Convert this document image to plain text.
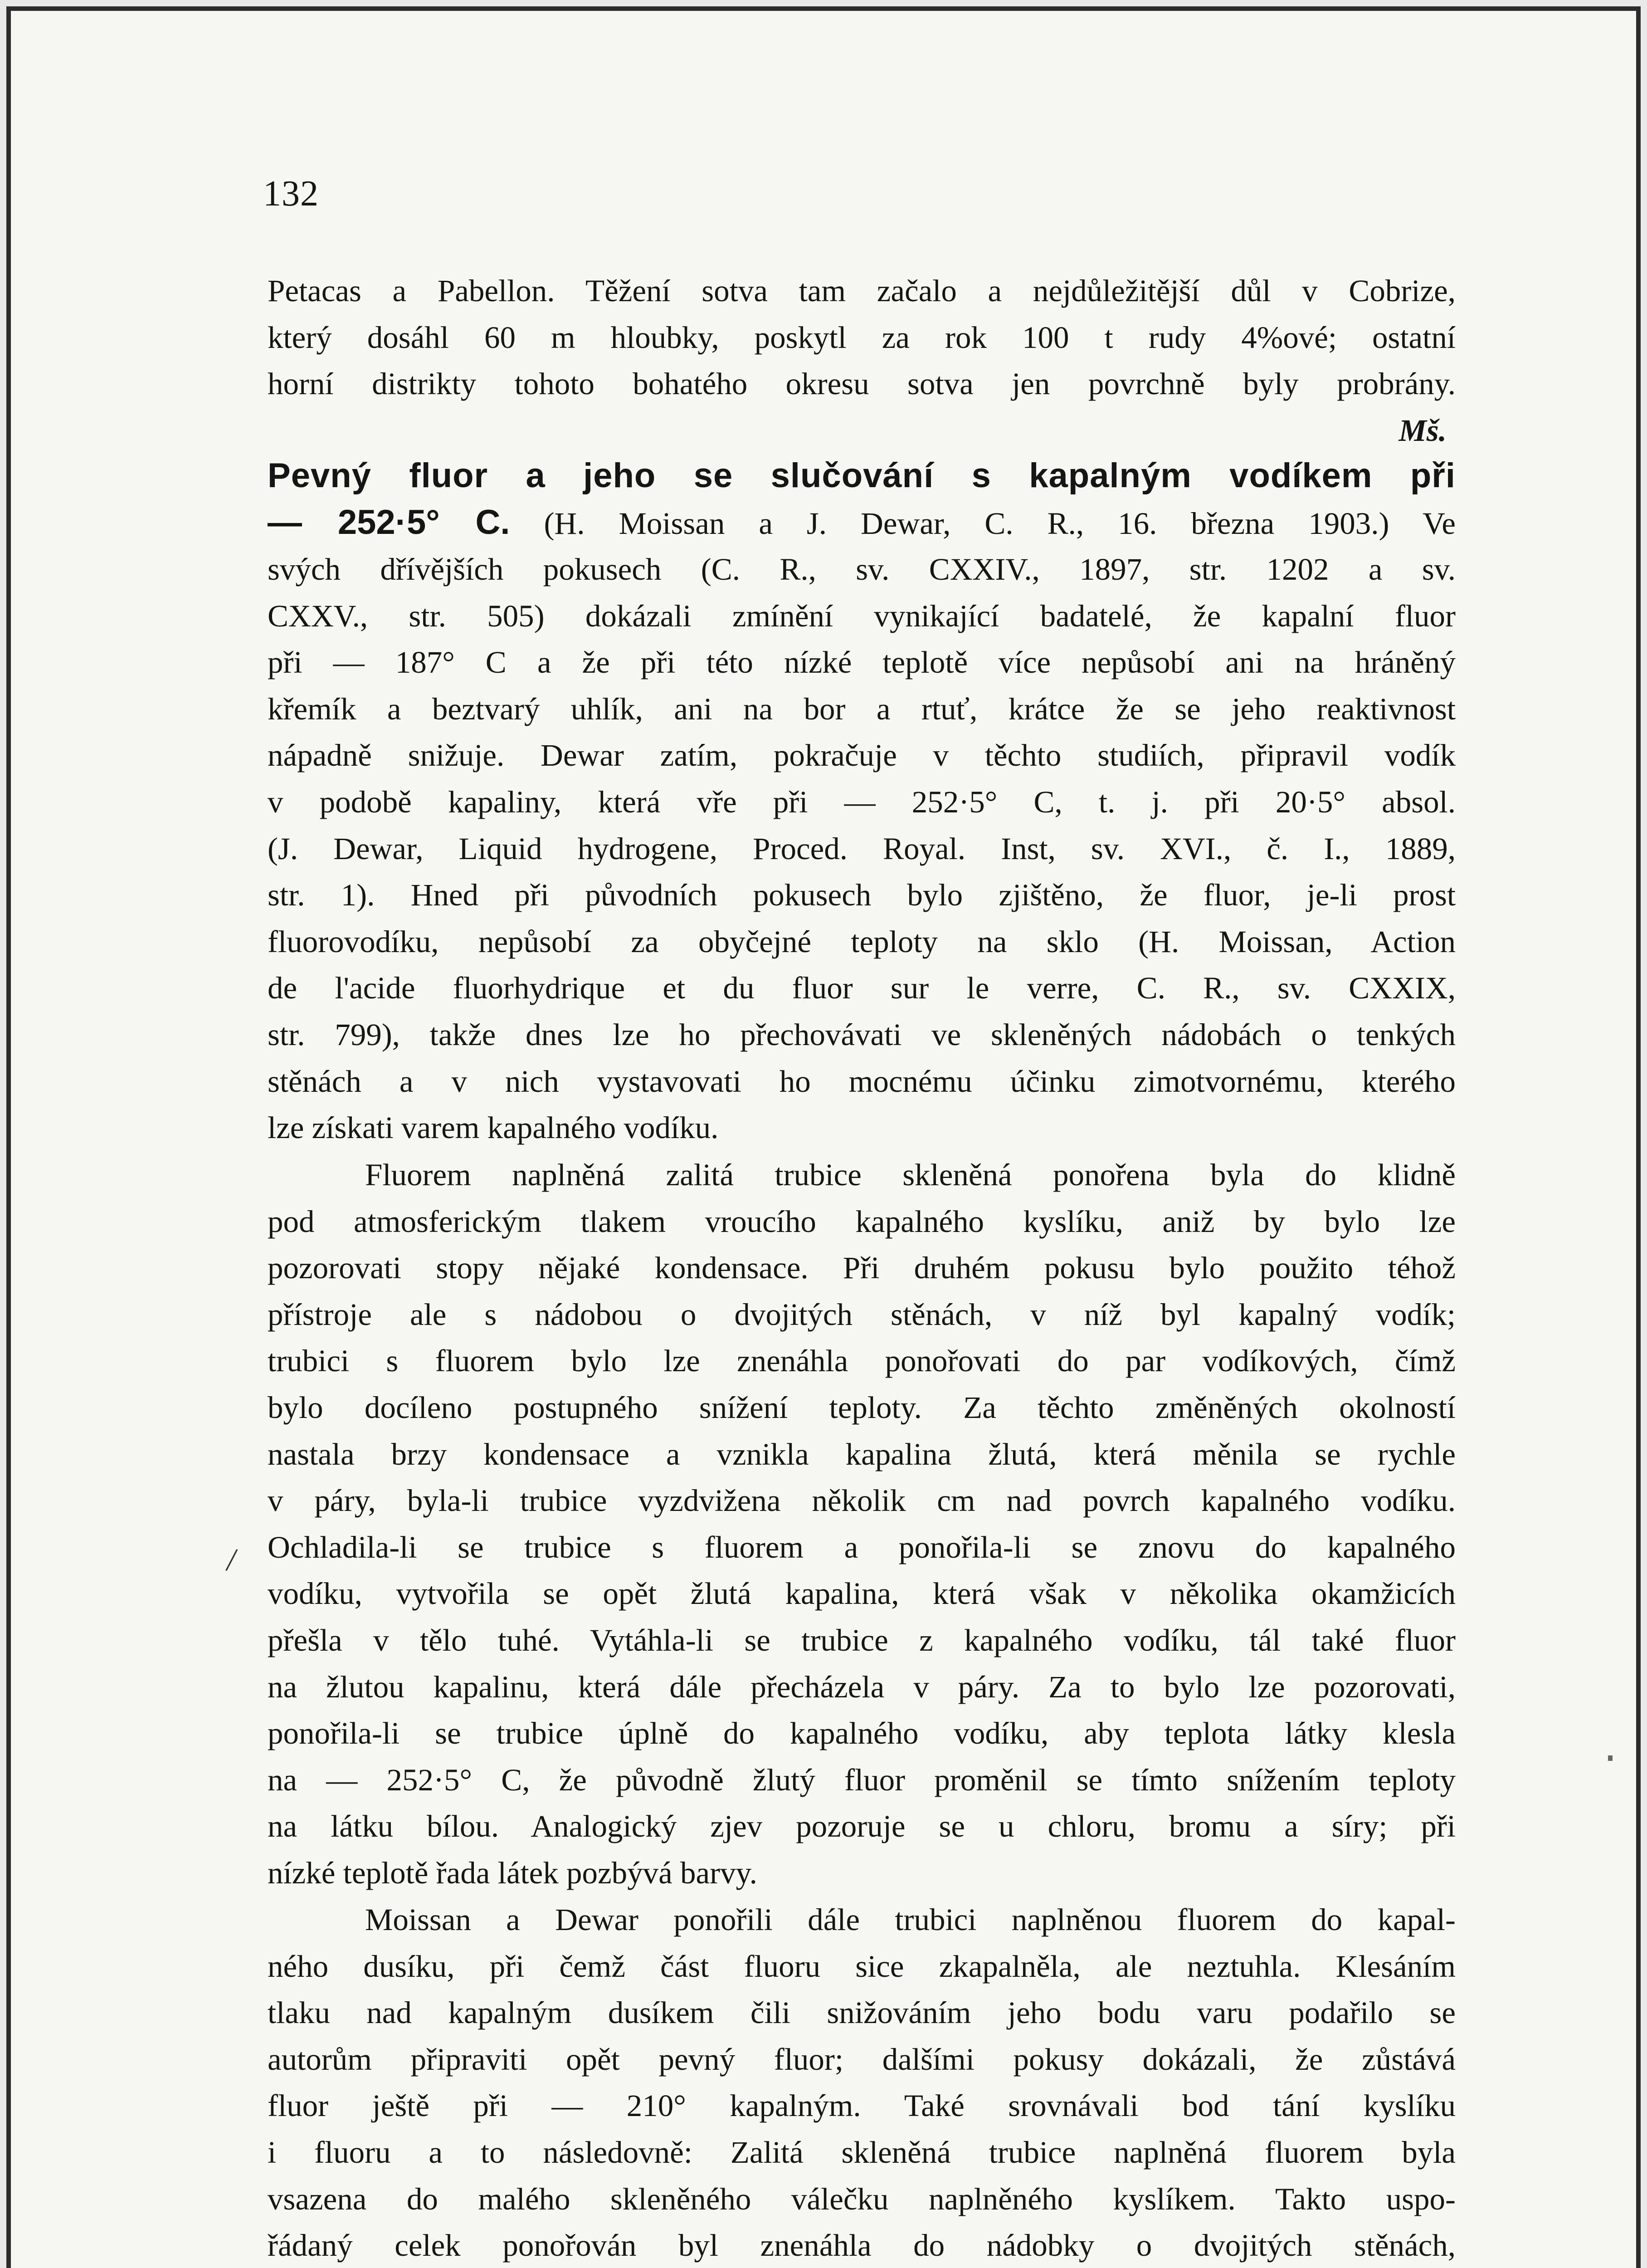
132
Petacas a Pabellon. Těžení sotva tam začalo a nejdůležitější důl v Cobrize,
který dosáhl 60 m hloubky, poskytl za rok 100 t rudy 4%ové; ostatní
horní distrikty tohoto bohatého okresu sotva jen povrchně byly probrány.
Mš.
Pevný fluor a jeho se slučování s kapalným vodíkem při
— 252·5° C. (H. Moissan a J. Dewar, C. R., 16. března 1903.) Ve
svých dřívějších pokusech (C. R., sv. CXXIV., 1897, str. 1202 a sv.
CXXV., str. 505) dokázali zmínění vynikající badatelé, že kapalní fluor
při — 187° C a že při této nízké teplotě více nepůsobí ani na hráněný
křemík a beztvarý uhlík, ani na bor a rtuť, krátce že se jeho reaktivnost
nápadně snižuje. Dewar zatím, pokračuje v těchto studiích, připravil vodík
v podobě kapaliny, která vře při — 252·5° C, t. j. při 20·5° absol.
(J. Dewar, Liquid hydrogene, Proced. Royal. Inst, sv. XVI., č. I., 1889,
str. 1). Hned při původních pokusech bylo zjištěno, že fluor, je-li prost
fluorovodíku, nepůsobí za obyčejné teploty na sklo (H. Moissan, Action
de l'acide fluorhydrique et du fluor sur le verre, C. R., sv. CXXIX,
str. 799), takže dnes lze ho přechovávati ve skleněných nádobách o tenkých
stěnách a v nich vystavovati ho mocnému účinku zimotvornému, kterého
lze získati varem kapalného vodíku.
Fluorem naplněná zalitá trubice skleněná ponořena byla do klidně
pod atmosferickým tlakem vroucího kapalného kyslíku, aniž by bylo lze
pozorovati stopy nějaké kondensace. Při druhém pokusu bylo použito téhož
přístroje ale s nádobou o dvojitých stěnách, v níž byl kapalný vodík;
trubici s fluorem bylo lze znenáhla ponořovati do par vodíkových, čímž
bylo docíleno postupného snížení teploty. Za těchto změněných okolností
nastala brzy kondensace a vznikla kapalina žlutá, která měnila se rychle
v páry, byla-li trubice vyzdvižena několik cm nad povrch kapalného vodíku.
Ochladila-li se trubice s fluorem a ponořila-li se znovu do kapalného
vodíku, vytvořila se opět žlutá kapalina, která však v několika okamžicích
přešla v tělo tuhé. Vytáhla-li se trubice z kapalného vodíku, tál také fluor
na žlutou kapalinu, která dále přecházela v páry. Za to bylo lze pozorovati,
ponořila-li se trubice úplně do kapalného vodíku, aby teplota látky klesla
na — 252·5° C, že původně žlutý fluor proměnil se tímto snížením teploty
na látku bílou. Analogický zjev pozoruje se u chloru, bromu a síry; při
nízké teplotě řada látek pozbývá barvy.
Moissan a Dewar ponořili dále trubici naplněnou fluorem do kapal-
ného dusíku, při čemž část fluoru sice zkapalněla, ale neztuhla. Klesáním
tlaku nad kapalným dusíkem čili snižováním jeho bodu varu podařilo se
autorům připraviti opět pevný fluor; dalšími pokusy dokázali, že zůstává
fluor ještě při — 210° kapalným. Také srovnávali bod tání kyslíku
i fluoru a to následovně: Zalitá skleněná trubice naplněná fluorem byla
vsazena do malého skleněného válečku naplněného kyslíkem. Takto uspo-
řádaný celek ponořován byl znenáhla do nádobky o dvojitých stěnách,
/
